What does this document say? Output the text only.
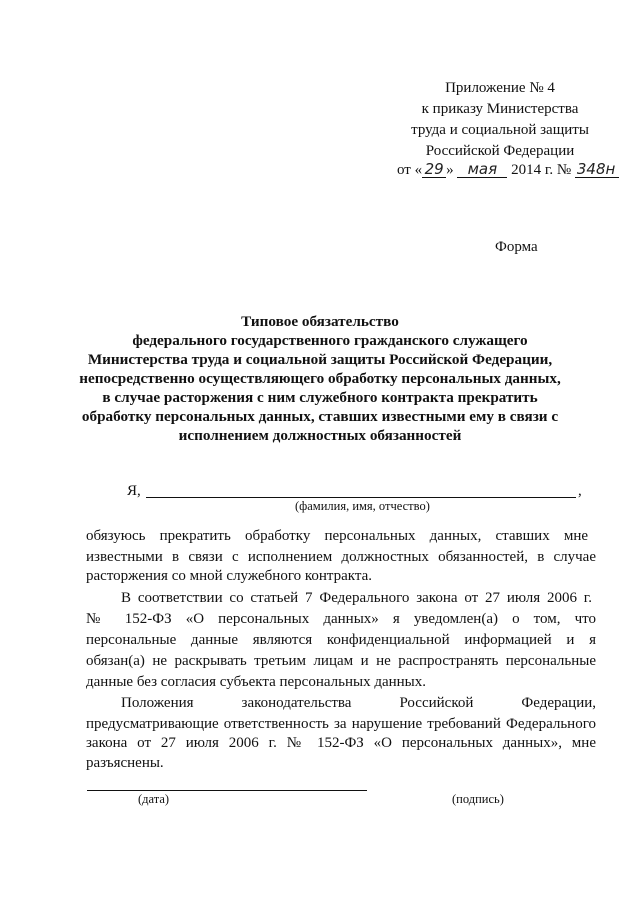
Приложение № 4
к приказу Министерства
труда и социальной защиты
Российской Федерации
от « 29 » мая 2014 г. № 348н
Форма
Типовое обязательство
федерального государственного гражданского служащего
Министерства труда и социальной защиты Российской Федерации,
непосредственно осуществляющего обработку персональных данных,
в случае расторжения с ним служебного контракта прекратить
обработку персональных данных, ставших известными ему в связи с
исполнением должностных обязанностей
Я,	,
(фамилия, имя, отчество)
обязуюсь прекратить обработку персональных данных, ставших мне
известными в связи с исполнением должностных обязанностей, в случае
расторжения со мной служебного контракта.
В соответствии со статьей 7 Федерального закона от 27 июля 2006 г.
№ 152-ФЗ «О персональных данных» я уведомлен(а) о том, что
персональные данные являются конфиденциальной информацией и я
обязан(а) не раскрывать третьим лицам и не распространять персональные
данные без согласия субъекта персональных данных.
Положения законодательства Российской Федерации,
предусматривающие ответственность за нарушение требований Федерального
закона от 27 июля 2006 г. № 152-ФЗ «О персональных данных», мне
разъяснены.
(дата)	(подпись)
